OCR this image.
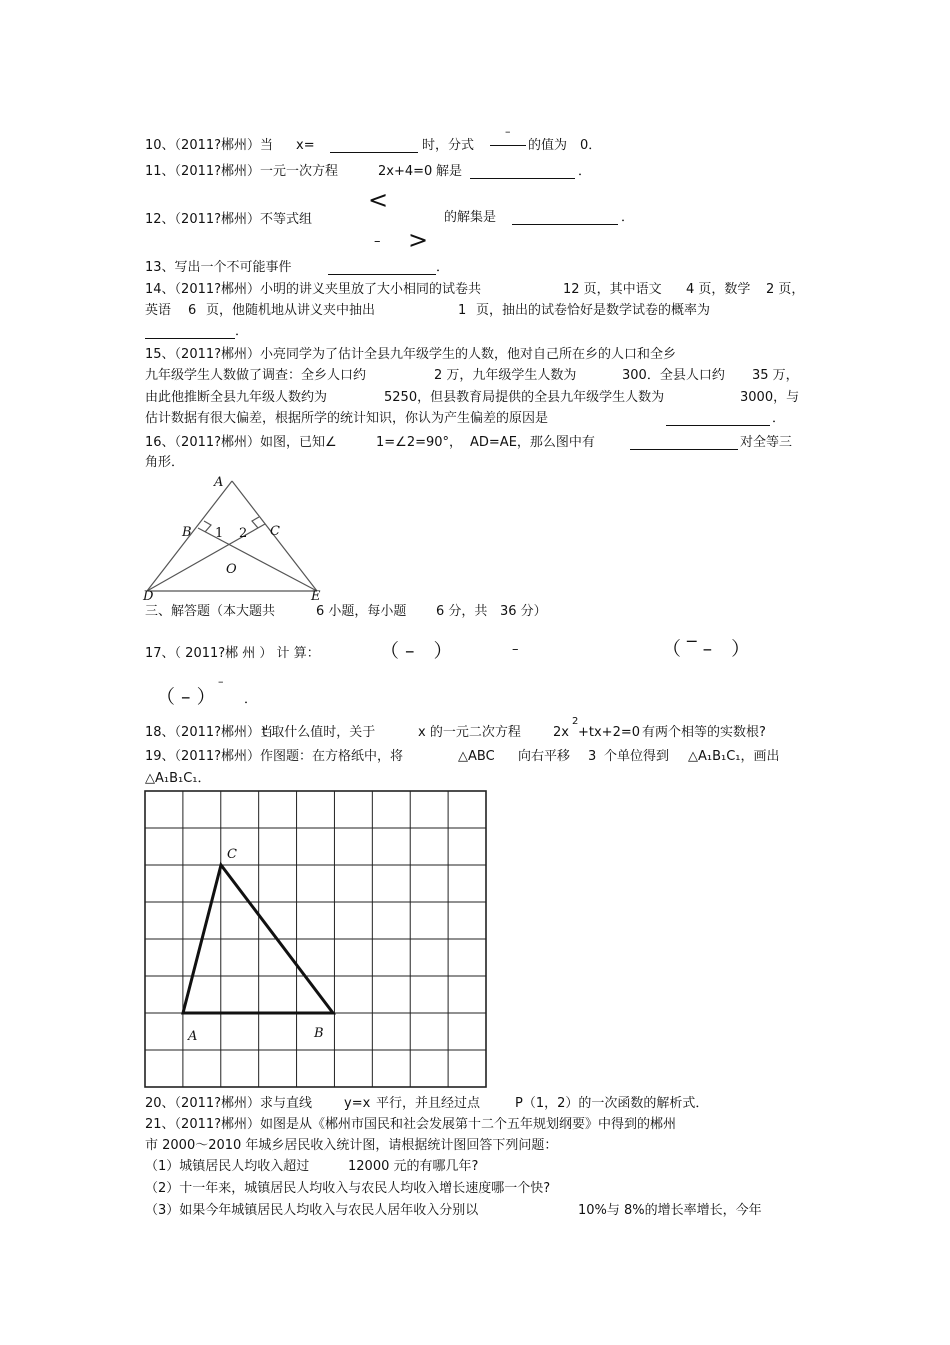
10、（2011?郴州）当 x=	时，分式
–
的值为 0．
11、（2011?郴州）一元一次方程	2x+4=0 解是	．
12、（2011?郴州）不等式组
<
– >
的解集是	．
13、写出一个不可能事件	．
14、（2011?郴州）小明的讲义夹里放了大小相同的试卷共	12 页，其中语文 4 页，数学 2 页，
英语 6 页，他随机地从讲义夹中抽出	1 页，抽出的试卷恰好是数学试卷的概率为
．
15、（2011?郴州）小亮同学为了估计全县九年级学生的人数，他对自己所在乡的人口和全乡
九年级学生人数做了调查：全乡人口约	2 万，九年级学生人数为	300．全县人口约 35 万，
由此他推断全县九年级人数约为	5250，但县教育局提供的全县九年级学生人数为	3000，与
估计数据有很大偏差，根据所学的统计知识，你认为产生偏差的原因是	．
16、（2011?郴州）如图，已知∠	1=∠2=90°， AD=AE，那么图中有	对全等三
角形．
A
B	C
D	E
O
1 2
三、解答题（本大题共	6 小题，每小题 6 分，共 36 分）
17、（ 2011?郴 州 ） 计 算：	（ –　）	–	（ ‾ –　）
（ – ）
–
．
18、（2011?郴州）当
t 取什么值时，关于	x 的一元二次方程 2x
2
+tx+2=0 有两个相等的实数根?
19、（2011?郴州）作图题：在方格纸中，将	△ABC 向右平移 3 个单位得到 △A₁B₁C₁，画出
△A₁B₁C₁．
A	B
C
20、（2011?郴州）求与直线 y=x 平行，并且经过点	P（1，2）的一次函数的解析式．
21、（2011?郴州）如图是从《郴州市国民和社会发展第十二个五年规划纲要》中得到的郴州
市 2000～2010 年城乡居民收入统计图，请根据统计图回答下列问题：
（1）城镇居民人均收入超过	12000 元的有哪几年?
（2）十一年来，城镇居民人均收入与农民人均收入增长速度哪一个快?
（3）如果今年城镇居民人均收入与农民人居年收入分别以	10%与 8%的增长率增长，今年
